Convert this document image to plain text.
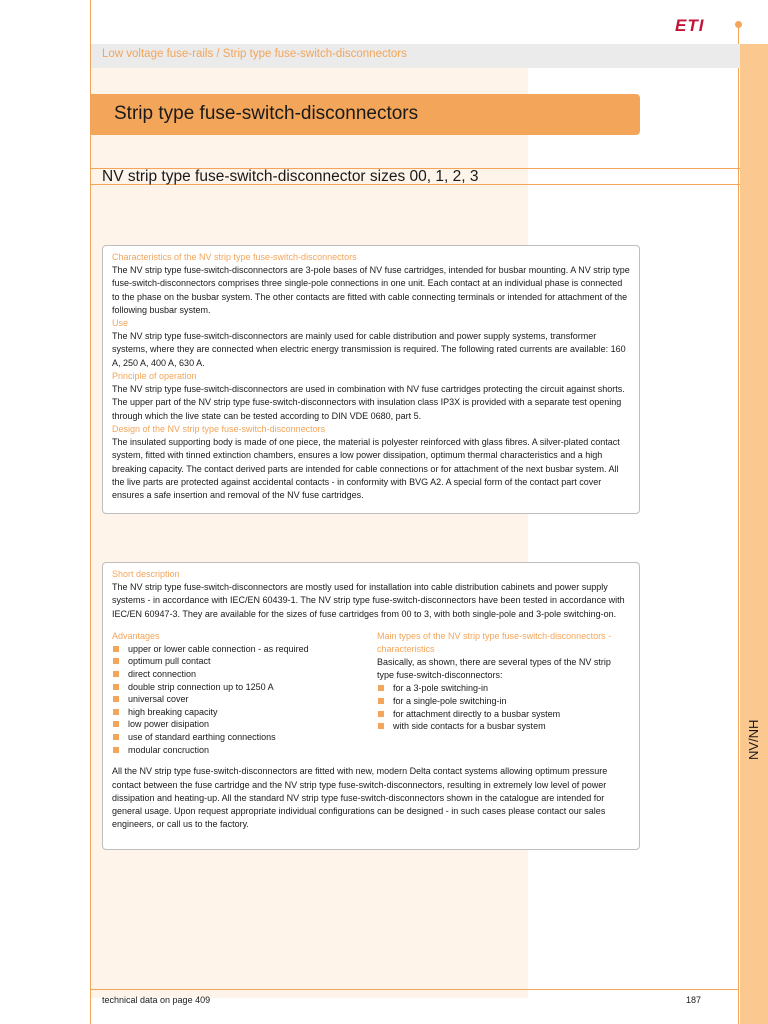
ETI
Low voltage fuse-rails / Strip type fuse-switch-disconnectors
Strip type fuse-switch-disconnectors
NV strip type fuse-switch-disconnector sizes 00, 1, 2, 3
Characteristics of the NV strip type fuse-switch-disconnectors
The NV strip type fuse-switch-disconnectors are 3-pole bases of NV fuse cartridges, intended for busbar mounting. A NV strip type fuse-switch-disconnectors comprises three single-pole connections in one unit. Each contact at an individual phase is connected to the phase on the busbar system. The other contacts are fitted with cable connecting terminals or intended for attachment of the following busbar system.
Use
The NV strip type fuse-switch-disconnectors are mainly used for cable distribution and power supply systems, transformer systems, where they are connected when electric energy transmission is required. The following rated currents are available: 160 A, 250 A, 400 A, 630 A.
Principle of operation
The NV strip type fuse-switch-disconnectors are used in combination with NV fuse cartridges protecting the circuit against shorts. The upper part of the NV strip type fuse-switch-disconnectors with insulation class IP3X is provided with a separate test opening through which the live state can be tested according to DIN VDE 0680, part 5.
Design of the NV strip type fuse-switch-disconnectors
The insulated supporting body is made of one piece, the material is polyester reinforced with glass fibres. A silver-plated contact system, fitted with tinned extinction chambers, ensures a low power dissipation, optimum thermal characteristics and a high breaking capacity. The contact derived parts are intended for cable connections or for attachment of the next busbar system. All the live parts are protected against accidental contacts - in conformity with BVG A2. A special form of the contact part cover ensures a safe insertion and removal of the NV fuse cartridges.
Short description
The NV strip type fuse-switch-disconnectors are mostly used for installation into cable distribution cabinets and power supply systems - in accordance with IEC/EN 60439-1. The NV strip type fuse-switch-disconnectors have been tested in accordance with IEC/EN 60947-3. They are available for the sizes of fuse cartridges from 00 to 3, with both single-pole and 3-pole switching-on.
Advantages
upper or lower cable connection - as required
optimum pull contact
direct connection
double strip connection up to 1250 A
universal cover
high breaking capacity
low power disipation
use of standard earthing connections
modular concruction
Main types of the NV strip type fuse-switch-disconnectors - characteristics
Basically, as shown, there are several types of the NV strip type fuse-switch-disconnectors:
for a 3-pole switching-in
for a single-pole switching-in
for attachment directly to a busbar system
with side contacts for a busbar system
All the NV strip type fuse-switch-disconnectors are fitted with new, modern Delta contact systems allowing optimum pressure contact between the fuse cartridge and the NV strip type fuse-switch-disconnectors, resulting in extremely low level of power dissipation and heating-up. All the standard NV strip type fuse-switch-disconnectors shown in the catalogue are intended for general usage. Upon request appropriate individual configurations can be designed - in such cases please contact our sales engineers, or call us to the factory.
NV/NH
technical data on page 409	187
